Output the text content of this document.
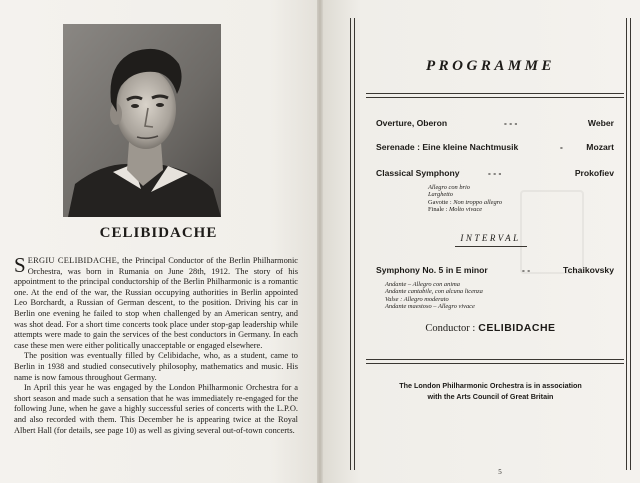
CELIBIDACHE

SERGIU CELIBIDACHE, the Principal Conductor of the Berlin Philharmonic Orchestra, was born in Rumania on June 28th, 1912. The story of his appointment to the principal conductorship of the Berlin Philharmonic is a romantic one. At the end of the war, the Russian occupying authorities in Berlin appointed Leo Borchardt, a Russian of German descent, to the position. Driving his car in Berlin one evening he failed to stop when challenged by an American sentry, and was shot dead. For a short time concerts took place under stop-gap leadership while attempts were made to gain the services of the best conductors in Germany. In each case these men were either politically unacceptable or engaged elsewhere.

The position was eventually filled by Celibidache, who, as a student, came to Berlin in 1938 and studied consecutively philosophy, mathematics and music. His name is now famous throughout Germany.

In April this year he was engaged by the London Philharmonic Orchestra for a short season and made such a sensation that he was immediately re-engaged for the following June, when he gave a highly successful series of concerts with the L.P.O. and also recorded with them. This December he is appearing twice at the Royal Albert Hall (for details, see page 10) as well as giving several out-of-town concerts.

PROGRAMME
Overture, Oberon	- - -	Weber
Serenade : Eine kleine Nachtmusik	-	Mozart
Classical Symphony	- - -	Prokofiev
Allegro con brio
Larghetto
Gavotte : Non troppo allegro
Finale : Molto vivace
INTERVAL
Symphony No. 5 in E minor	- -	Tchaikovsky
Andante – Allegro con anima
Andante cantabile, con alcuna licenza
Valse : Allegro moderato
Andante maestoso – Allegro vivace
Conductor : CELIBIDACHE
The London Philharmonic Orchestra is in association
with the Arts Council of Great Britain
5
